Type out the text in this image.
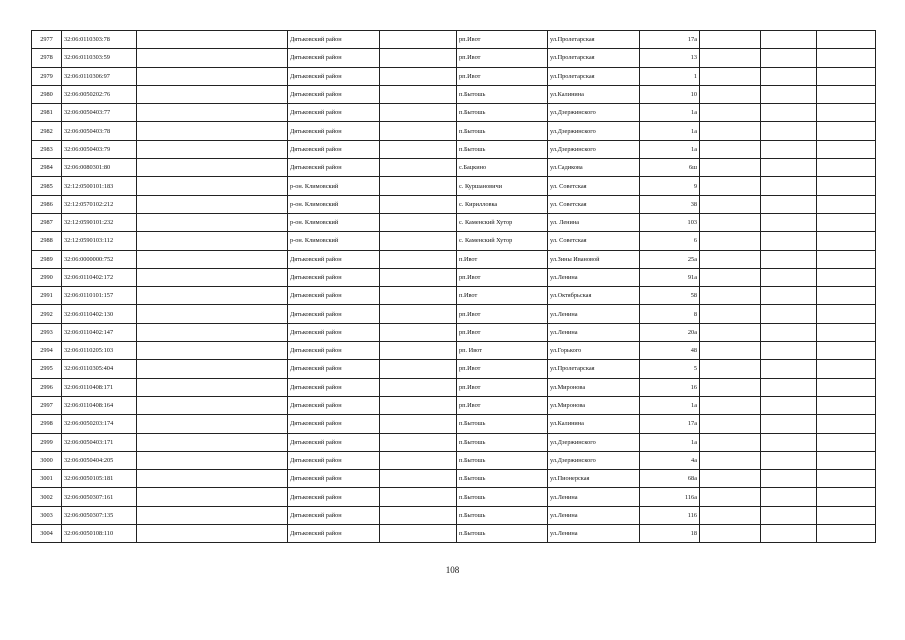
2977	32:06:0110303:78		Дятьковский район		рп.Ивот	ул.Пролетарская	17а			
2978	32:06:0110303:59		Дятьковский район		рп.Ивот	ул.Пролетарская	13			
2979	32:06:0110306:97		Дятьковский район		рп.Ивот	ул.Пролетарская	1			
2980	32:06:0050202:76		Дятьковский район		п.Бытошь	ул.Калинина	10			
2981	32:06:0050403:77		Дятьковский район		п.Бытошь	ул.Дзержинского	1а			
2982	32:06:0050403:78		Дятьковский район		п.Бытошь	ул.Дзержинского	1а			
2983	32:06:0050403:79		Дятьковский район		п.Бытошь	ул.Дзержинского	1а			
2984	32:06:0080301:80		Дятьковский район		с.Бацкино	ул.Садикова	6ш			
2985	32:12:0500101:183		р-он. Климовский		с. Куршановичи	ул. Советская	9			
2986	32:12:0570102:212		р-он. Климовский		с. Кирилловка	ул. Советская	38			
2987	32:12:0590101:232		р-он. Климовский		с. Каменский Хутор	ул. Ленина	103			
2988	32:12:0590103:112		р-он. Климовский		с. Каменский Хутор	ул. Советская	6			
2989	32:06:0000000:752		Дятьковский район		п.Ивот	ул.Зины Ивановой	25а			
2990	32:06:0110402:172		Дятьковский район		рп.Ивот	ул.Ленина	91а			
2991	32:06:0110101:157		Дятьковский район		п.Ивот	ул.Октябрьская	58			
2992	32:06:0110402:130		Дятьковский район		рп.Ивот	ул.Ленина	8			
2993	32:06:0110402:147		Дятьковский район		рп.Ивот	ул.Ленина	20а			
2994	32:06:0110205:103		Дятьковский район		рп. Ивот	ул.Горького	48			
2995	32:06:0110305:404		Дятьковский район		рп.Ивот	ул.Пролетарская	5			
2996	32:06:0110408:171		Дятьковский район		рп.Ивот	ул.Мироновa	16			
2997	32:06:0110408:164		Дятьковский район		рп.Ивот	ул.Миронова	1а			
2998	32:06:0050203:174		Дятьковский район		п.Бытошь	ул.Калинина	17а			
2999	32:06:0050403:171		Дятьковский район		п.Бытошь	ул.Дзержинского	1а			
3000	32:06:0050404:205		Дятьковский район		п.Бытошь	ул.Дзержинского	4а			
3001	32:06:0050105:181		Дятьковский район		п.Бытошь	ул.Пионерская	68а			
3002	32:06:0050307:161		Дятьковский район		п.Бытошь	ул.Ленина	116а			
3003	32:06:0050307:135		Дятьковский район		п.Бытошь	ул.Ленина	116			
3004	32:06:0050108:110		Дятьковский район		п.Бытошь	ул.Ленина	18			
108
